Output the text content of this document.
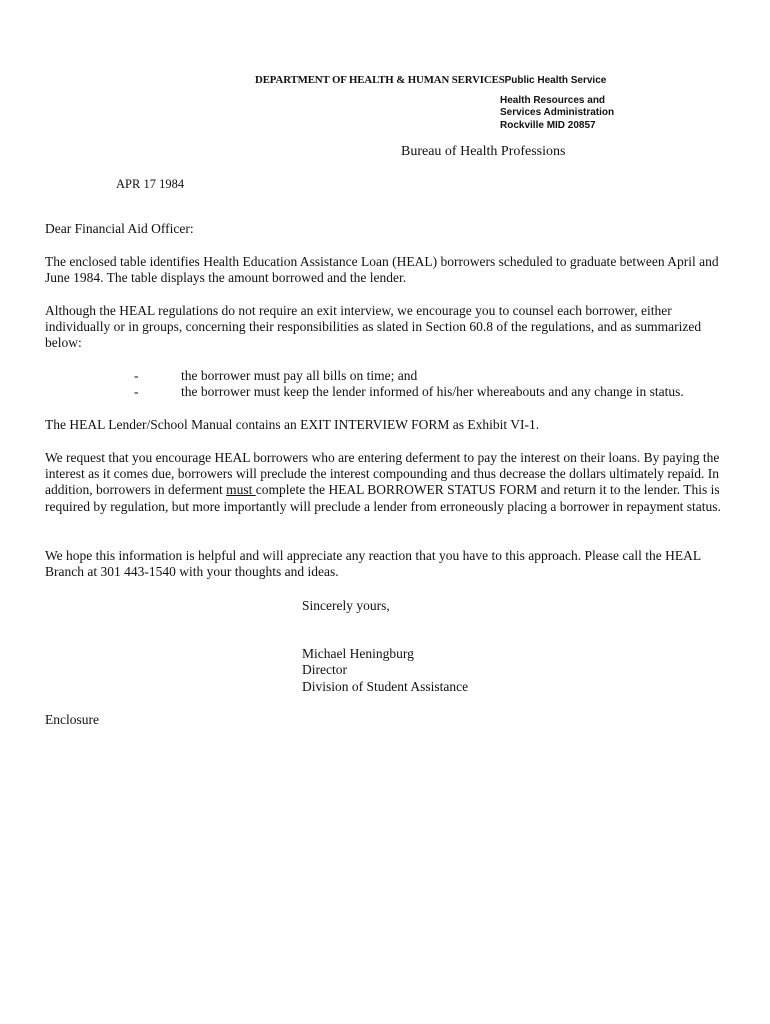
DEPARTMENT OF HEALTH & HUMAN SERVICESPublic Health Service
Health Resources and
Services Administration
Rockville MID 20857
Bureau of Health Professions
APR 17 1984
Dear Financial Aid Officer:

The enclosed table identifies Health Education Assistance Loan (HEAL) borrowers scheduled to graduate between April and June 1984. The table displays the amount borrowed and the lender.

Although the HEAL regulations do not require an exit interview, we encourage you to counsel each borrower, either individually or in groups, concerning their responsibilities as slated in Section 60.8 of the regulations, and as summarized below:

-	the borrower must pay all bills on time; and
-	the borrower must keep the lender informed of his/her whereabouts and any change in status.

The HEAL Lender/School Manual contains an EXIT INTERVIEW FORM as Exhibit VI-1.

We request that you encourage HEAL borrowers who are entering deferment to pay the interest on their loans. By paying the interest as it comes due, borrowers will preclude the interest compounding and thus decrease the dollars ultimately repaid. In addition, borrowers in deferment must complete the HEAL BORROWER STATUS FORM and return it to the lender. This is required by regulation, but more importantly will preclude a lender from erroneously placing a borrower in repayment status.

We hope this information is helpful and will appreciate any reaction that you have to this approach. Please call the HEAL Branch at 301 443-1540 with your thoughts and ideas.

Sincerely yours,
Michael Heningburg
Director
Division of Student Assistance
Enclosure
